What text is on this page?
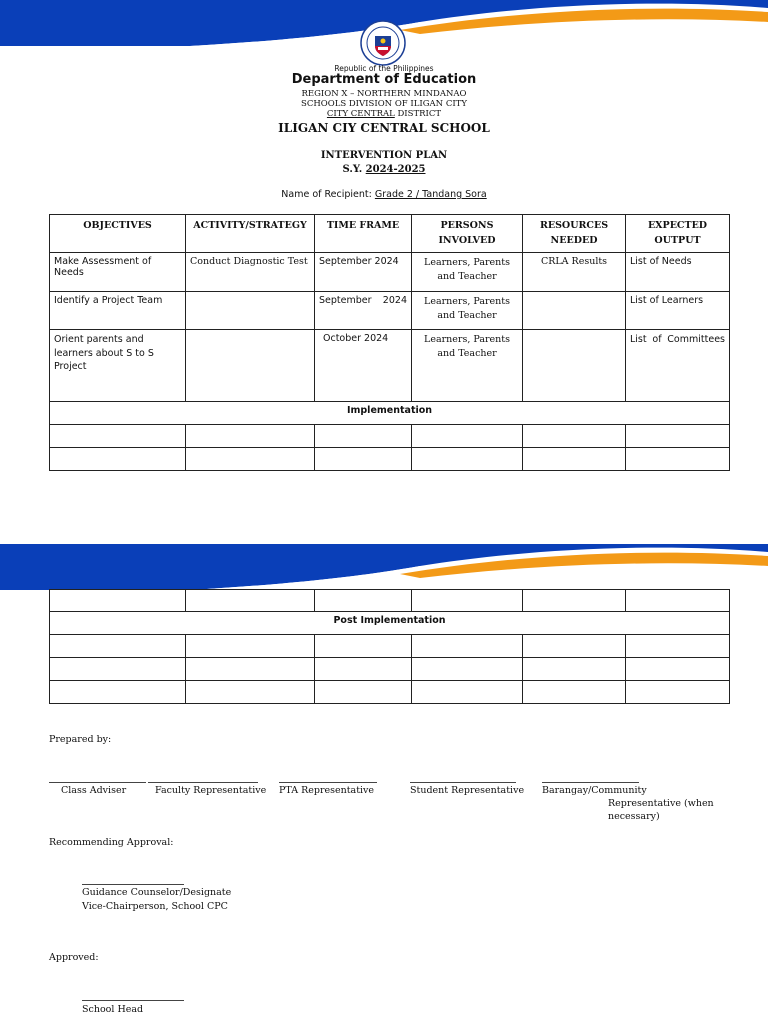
Republic of the Philippines
Department of Education
REGION X – NORTHERN MINDANAO
SCHOOLS DIVISION OF ILIGAN CITY
CITY CENTRAL DISTRICT
ILIGAN CIY CENTRAL SCHOOL
INTERVENTION PLAN
S.Y. 2024-2025
Name of Recipient: Grade 2 / Tandang Sora
OBJECTIVES	ACTIVITY/STRATEGY	TIME FRAME	PERSONS INVOLVED	RESOURCES NEEDED	EXPECTED OUTPUT
Make Assessment of Needs	Conduct Diagnostic Test	September 2024	Learners, Parents and Teacher	CRLA Results	List of Needs
Identify a Project Team		September 2024	Learners, Parents and Teacher		List of Learners
Orient parents and learners about S to S Project		October 2024	Learners, Parents and Teacher		List of Committees
Implementation					

Post Implementation					

Prepared by:
Class Adviser	Faculty Representative PTA Representative	Student Representative Barangay/Community
Representative (when
necessary)
Recommending Approval:
Guidance Counselor/Designate
Vice-Chairperson, School CPC
Approved:
School Head
